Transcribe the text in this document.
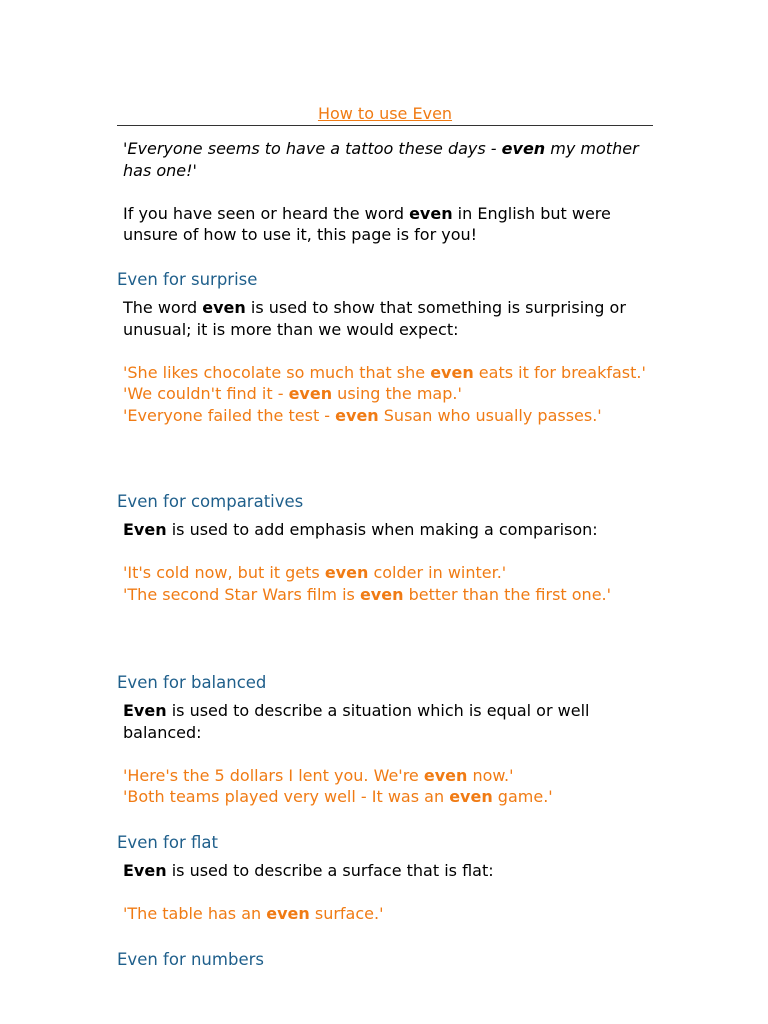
How to use Even
'Everyone seems to have a tattoo these days - even my mother has one!'
If you have seen or heard the word even in English but were unsure of how to use it, this page is for you!
Even for surprise
The word even is used to show that something is surprising or unusual; it is more than we would expect:
'She likes chocolate so much that she even eats it for breakfast.'
'We couldn't find it - even using the map.'
'Everyone failed the test - even Susan who usually passes.'
Even for comparatives
Even is used to add emphasis when making a comparison:
'It's cold now, but it gets even colder in winter.'
'The second Star Wars film is even better than the first one.'
Even for balanced
Even is used to describe a situation which is equal or well balanced:
'Here's the 5 dollars I lent you. We're even now.'
'Both teams played very well - It was an even game.'
Even for flat
Even is used to describe a surface that is flat:
'The table has an even surface.'
Even for numbers
